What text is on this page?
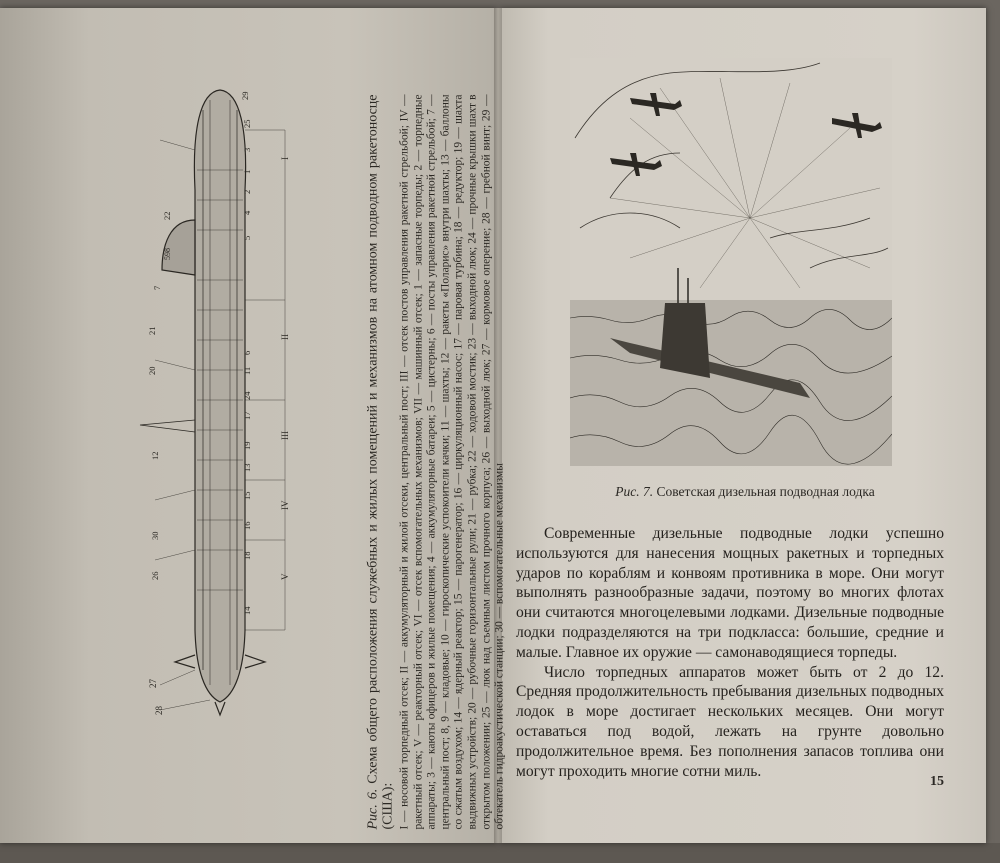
27
28
I
II
III
IV
V
598
29
25
3
1
2
4
5
22
21
7
20
6
11
12
24
17
19
13
15
30
26
16
18
14
Рис. 6. Схема общего расположения служебных и жилых помещений и механизмов на атомном подводном ракетоносце (США): I — носовой торпедный отсек; II — аккумуляторный и жилой отсеки, центральный пост; III — отсек постов управления ракетной стрельбой; IV — ракетный отсек; V — реакторный отсек; VI — отсек вспомогательных механизмов; VII — машинный отсек; 1 — запасные торпеды; 2 — торпедные аппараты; 3 — каюты офицеров и жилые помещения; 4 — аккумуляторные батареи; 5 — цистерны; 6 — посты управления ракетной стрельбой; 7 — центральный пост; 8, 9 — кладовые; 10 — гироскопические успокоители качки; 11 — шахты; 12 — ракеты «Поларис» внутри шахты; 13 — баллоны со сжатым воздухом; 14 — ядерный реактор; 15 — парогенератор; 16 — циркуляционный насос; 17 — паровая турбина; 18 — редуктор; 19 — шахта выдвижных устройств; 20 — рубочные горизонтальные рули; 21 — рубка; 22 — ходовой мостик; 23 — выходной люк; 24 — прочные крышки шахт в открытом положении; 25 — люк над съемным листом прочного корпуса; 26 — выходной люк; 27 — кормовое оперение; 28 — гребной винт; 29 — обтекатель гидроакустической станции; 30 — вспомогательные механизмы	Рис. 7. Советская дизельная подводная лодка

Современные дизельные подводные лодки успешно используются для нанесения мощных ракетных и торпедных ударов по кораблям и конвоям противника в море. Они могут выполнять разнообразные задачи, поэтому во многих флотах они считаются многоцелевыми лодками. Дизельные подводные лодки подразделяются на три подкласса: большие, средние и малые. Главное их оружие — самонаводящиеся торпеды.

Число торпедных аппаратов может быть от 2 до 12. Средняя продолжительность пребывания дизельных подводных лодок в море достигает нескольких месяцев. Они могут оставаться под водой, лежать на грунте довольно продолжительное время. Без пополнения запасов топлива они могут проходить многие сотни миль.

15
